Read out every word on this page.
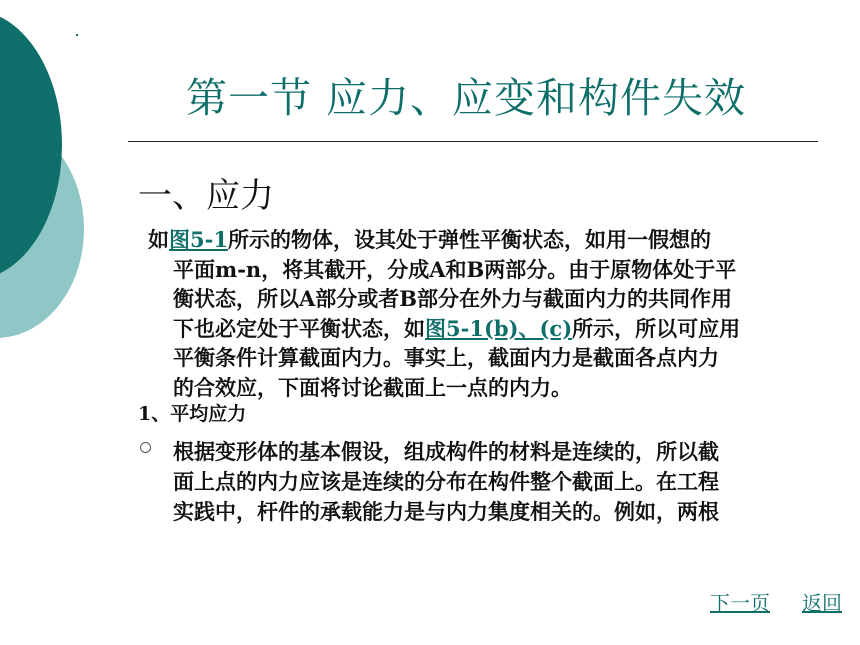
第一节 应力、应变和构件失效
一、应力

如图5-1所示的物体，设其处于弹性平衡状态，如用一假想的
平面m-n，将其截开，分成A和B两部分。由于原物体处于平
衡状态，所以A部分或者B部分在外力与截面内力的共同作用
下也必定处于平衡状态，如图5-1(b)、(c)所示，所以可应用
平衡条件计算截面内力。事实上，截面内力是截面各点内力
的合效应，下面将讨论截面上一点的内力。

1、平均应力

根据变形体的基本假设，组成构件的材料是连续的，所以截
面上点的内力应该是连续的分布在构件整个截面上。在工程
实践中，杆件的承载能力是与内力集度相关的。例如，两根

下一页 返回
